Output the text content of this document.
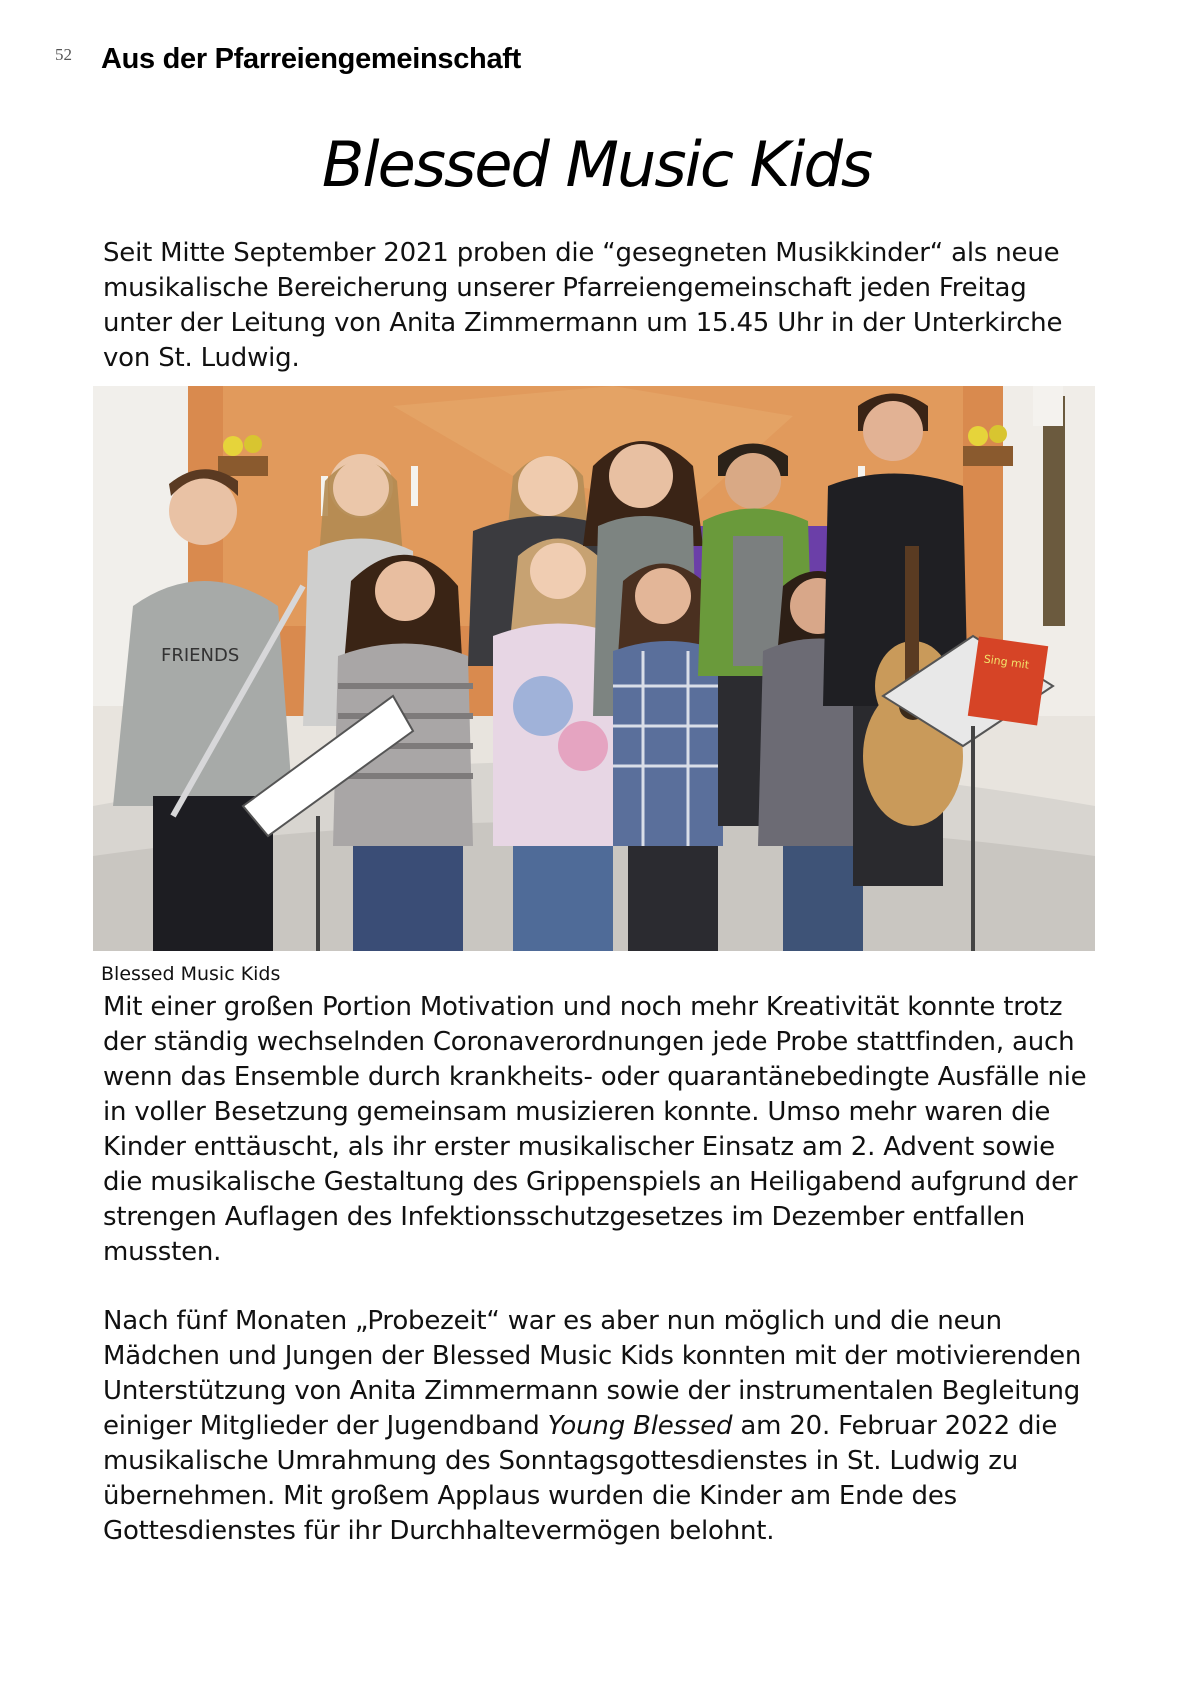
52 Aus der Pfarreiengemeinschaft
Blessed Music Kids
Seit Mitte September 2021 proben die “gesegneten Musikkinder“ als neue musikalische Bereicherung unserer Pfarreiengemeinschaft jeden Freitag unter der Leitung von Anita Zimmermann um 15.45 Uhr in der Unterkirche von St. Ludwig.
FRIENDS	Sing mit
Blessed Music Kids
Mit einer großen Portion Motivation und noch mehr Kreativität konnte trotz der ständig wechselnden Coronaverordnungen jede Probe stattfinden, auch wenn das Ensemble durch krankheits- oder quarantänebedingte Ausfälle nie in voller Besetzung gemeinsam musizieren konnte. Umso mehr waren die Kinder enttäuscht, als ihr erster musikalischer Einsatz am 2. Advent sowie die musikalische Gestaltung des Grippenspiels an Heiligabend aufgrund der strengen Auflagen des Infektionsschutzgesetzes im Dezember entfallen mussten.
Nach fünf Monaten „Probezeit“ war es aber nun möglich und die neun Mädchen und Jungen der Blessed Music Kids konnten mit der motivierenden Unterstützung von Anita Zimmermann sowie der instrumentalen Begleitung einiger Mitglieder der Jugendband Young Blessed am 20. Februar 2022 die musikalische Umrahmung des Sonntagsgottesdienstes in St. Ludwig zu übernehmen. Mit großem Applaus wurden die Kinder am Ende des Gottesdienstes für ihr Durchhaltevermögen belohnt.
